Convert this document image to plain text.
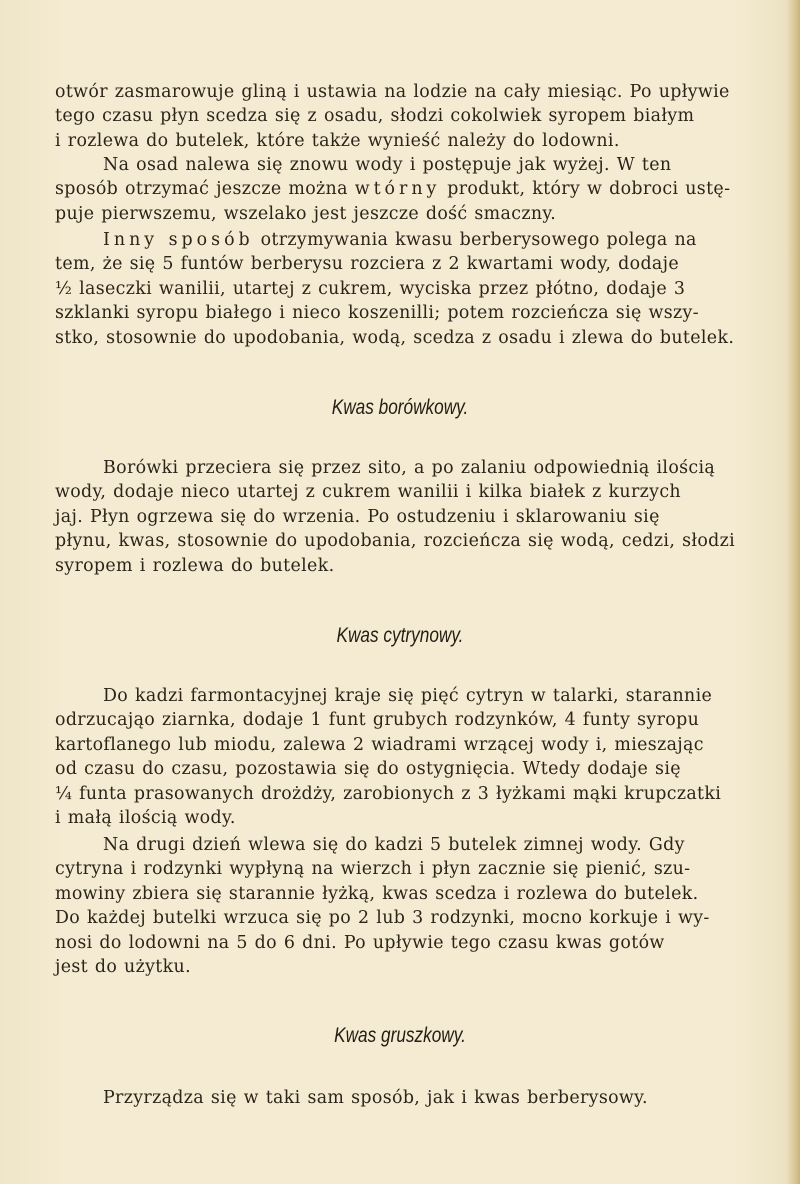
otwór zasmarowuje gliną i ustawia na lodzie na cały miesiąc. Po upływie
tego czasu płyn scedza się z osadu, słodzi cokolwiek syropem białym
i rozlewa do butelek, które także wynieść należy do lodowni.

Na osad nalewa się znowu wody i postępuje jak wyżej. W ten
sposób otrzymać jeszcze można wtórny produkt, który w dobroci ustę-
puje pierwszemu, wszelako jest jeszcze dość smaczny.

Inny sposób otrzymywania kwasu berberysowego polega na
tem, że się 5 funtów berberysu rozciera z 2 kwartami wody, dodaje
½ laseczki wanilii, utartej z cukrem, wyciska przez płótno, dodaje 3
szklanki syropu białego i nieco koszenilli; potem rozcieńcza się wszy-
stko, stosownie do upodobania, wodą, scedza z osadu i zlewa do butelek.

Kwas borówkowy.

Borówki przeciera się przez sito, a po zalaniu odpowiednią ilością
wody, dodaje nieco utartej z cukrem wanilii i kilka białek z kurzych
jaj. Płyn ogrzewa się do wrzenia. Po ostudzeniu i sklarowaniu się
płynu, kwas, stosownie do upodobania, rozcieńcza się wodą, cedzi, słodzi
syropem i rozlewa do butelek.

Kwas cytrynowy.

Do kadzi farmontacyjnej kraje się pięć cytryn w talarki, starannie
odrzucająo ziarnka, dodaje 1 funt grubych rodzynków, 4 funty syropu
kartoflanego lub miodu, zalewa 2 wiadrami wrzącej wody i, mieszając
od czasu do czasu, pozostawia się do ostygnięcia. Wtedy dodaje się
¼ funta prasowanych drożdży, zarobionych z 3 łyżkami mąki krupczatki
i małą ilością wody.

Na drugi dzień wlewa się do kadzi 5 butelek zimnej wody. Gdy
cytryna i rodzynki wypłyną na wierzch i płyn zacznie się pienić, szu-
mowiny zbiera się starannie łyżką, kwas scedza i rozlewa do butelek.
Do każdej butelki wrzuca się po 2 lub 3 rodzynki, mocno korkuje i wy-
nosi do lodowni na 5 do 6 dni. Po upływie tego czasu kwas gotów
jest do użytku.

Kwas gruszkowy.

Przyrządza się w taki sam sposób, jak i kwas berberysowy.
